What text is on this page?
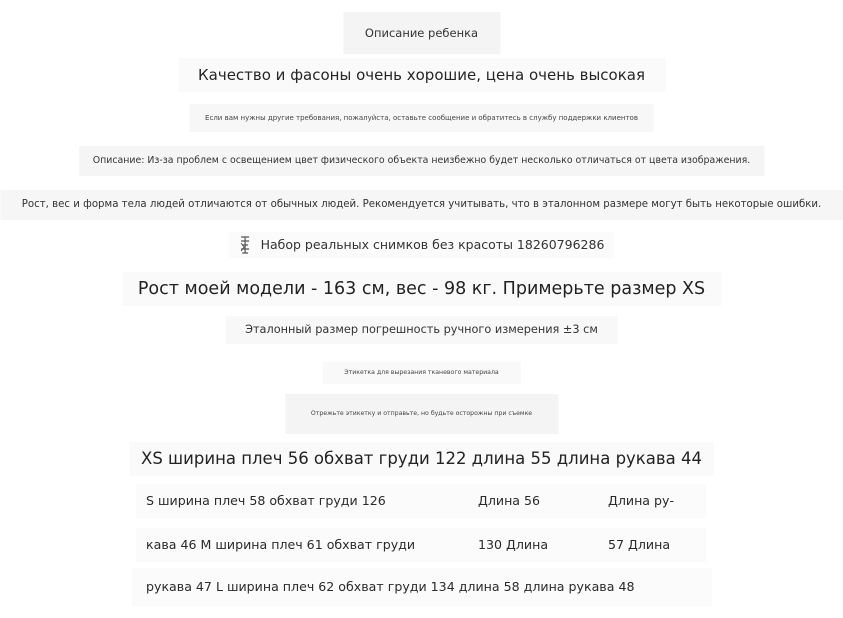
Описание ребенка
Качество и фасоны очень хорошие, цена очень высокая
Если вам нужны другие требования, пожалуйста, оставьте сообщение и обратитесь в службу поддержки клиентов
Описание: Из-за проблем с освещением цвет физического объекта неизбежно будет несколько отличаться от цвета изображения.
Рост, вес и форма тела людей отличаются от обычных людей. Рекомендуется учитывать, что в эталонном размере могут быть некоторые ошибки.
Набор реальных снимков без красоты 18260796286
Рост моей модели - 163 см, вес - 98 кг. Примерьте размер XS
Эталонный размер погрешность ручного измерения ±3 см
Этикетка для вырезания тканевого материала
Отрежьте этикетку и отправьте, но будьте осторожны при съемке
XS ширина плеч 56 обхват груди 122 длина 55 длина рукава 44
S ширина плеч 58 обхват груди 126	Длина 56	Длина ру-
кава 46 M ширина плеч 61 обхват груди	130 Длина	57 Длина
рукава 47 L ширина плеч 62 обхват груди 134 длина 58 длина рукава 48
